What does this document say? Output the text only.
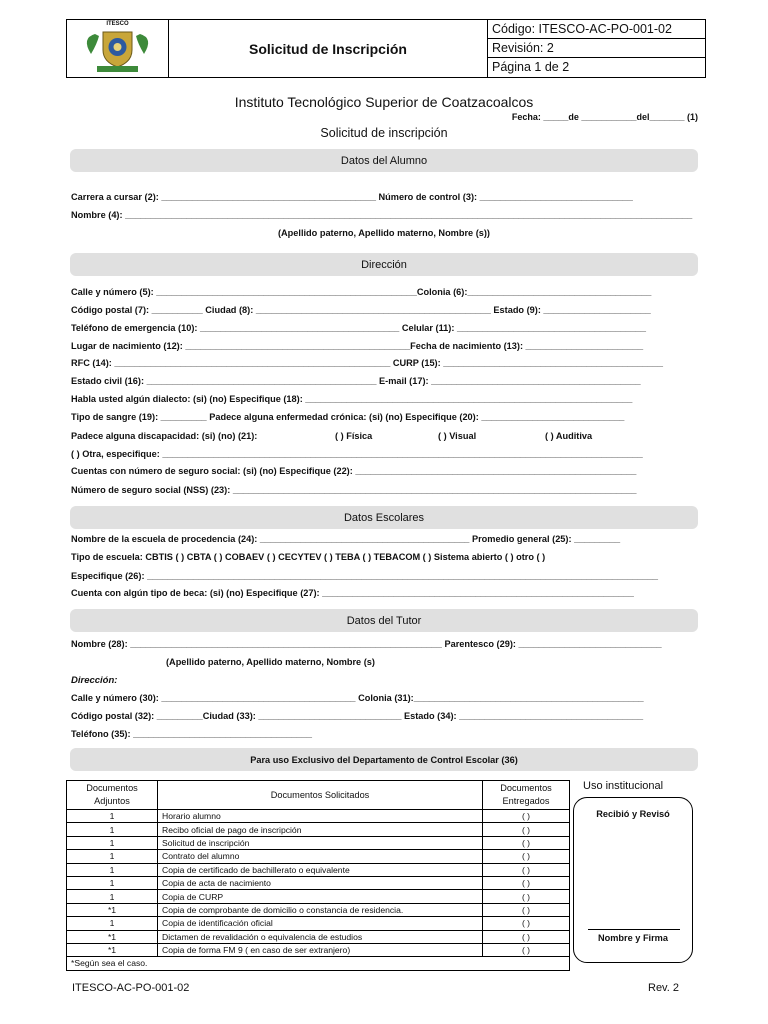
ITESCO
Solicitud de Inscripción
Código: ITESCO-AC-PO-001-02
Revisión: 2
Página 1 de 2
Instituto Tecnológico Superior de Coatzacoalcos
Fecha: _____de ___________del_______ (1)
Solicitud de inscripción
Datos del Alumno
Carrera a cursar (2): __________________________________________ Número de control (3): ______________________________
Nombre (4): _______________________________________________________________________________________________________________
(Apellido paterno, Apellido materno, Nombre (s))
Dirección
Calle y número (5): ___________________________________________________Colonia (6):____________________________________
Código postal (7): __________ Ciudad (8): ______________________________________________ Estado (9): _____________________
Teléfono de emergencia (10): _______________________________________ Celular (11): _____________________________________
Lugar de nacimiento (12): ____________________________________________Fecha de nacimiento (13): _______________________
RFC (14): ______________________________________________________ CURP (15): ___________________________________________
Estado civil (16): _____________________________________________ E-mail (17): _________________________________________
Habla usted algún dialecto: (si) (no) Especifique (18): ________________________________________________________________
Tipo de sangre (19): _________ Padece alguna enfermedad crónica: (si) (no) Especifique (20): ____________________________
Padece alguna discapacidad: (si) (no) (21):	( ) Física	( ) Visual	( ) Auditiva
( ) Otra, especifique: ______________________________________________________________________________________________
Cuentas con número de seguro social: (si) (no) Especifique (22): _______________________________________________________
Número de seguro social (NSS) (23): _______________________________________________________________________________
Datos Escolares
Nombre de la escuela de procedencia (24): _________________________________________ Promedio general (25): _________
Tipo de escuela: CBTIS ( ) CBTA ( ) COBAEV ( ) CECYTEV ( ) TEBA ( ) TEBACOM ( ) Sistema abierto ( ) otro ( )
Especifique (26): ____________________________________________________________________________________________________
Cuenta con algún tipo de beca: (si) (no) Especifique (27): _____________________________________________________________
Datos del Tutor
Nombre (28): _____________________________________________________________ Parentesco (29): ____________________________
(Apellido paterno, Apellido materno, Nombre (s)
Dirección:
Calle y número (30): ______________________________________ Colonia (31):_____________________________________________
Código postal (32): _________Ciudad (33): ____________________________ Estado (34): ____________________________________
Teléfono (35): ___________________________________
Para uso Exclusivo del Departamento de Control Escolar (36)
Documentos Adjuntos	Documentos Solicitados	Documentos Entregados
1	Horario alumno	( )
1	Recibo oficial de pago de inscripción	( )
1	Solicitud de inscripción	( )
1	Contrato del alumno	( )
1	Copia de certificado de bachillerato o equivalente	( )
1	Copia de acta de nacimiento	( )
1	Copia de CURP	( )
*1	Copia de comprobante de domicilio o constancia de residencia.	( )
1	Copia de identificación oficial	( )
*1	Dictamen de revalidación o equivalencia de estudios	( )
*1	Copia de forma FM 9 ( en caso de ser extranjero)	( )
*Según sea el caso.		
Uso institucional
Recibió y Revisó
Nombre y Firma
ITESCO-AC-PO-001-02	Rev. 2
